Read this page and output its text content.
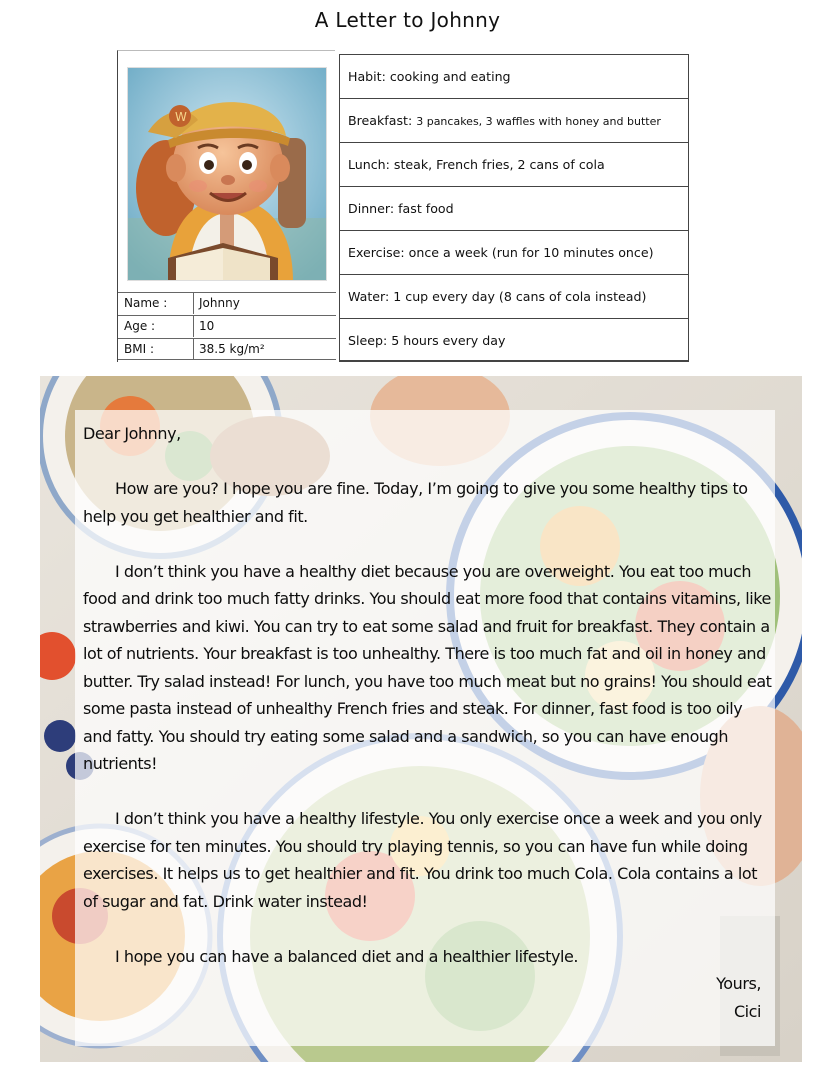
A Letter to Johnny
W
Name :	Johnny
Age :	10
BMI :	38.5 kg/m²
Habit: cooking and eating
Breakfast: 3 pancakes, 3 waffles with honey and butter
Lunch: steak, French fries, 2 cans of cola
Dinner: fast food
Exercise: once a week (run for 10 minutes once)
Water: 1 cup every day (8 cans of cola instead)
Sleep: 5 hours every day

Dear Johnny,

How are you? I hope you are fine. Today, I’m going to give you some healthy tips to help you get healthier and fit.

I don’t think you have a healthy diet because you are overweight. You eat too much food and drink too much fatty drinks. You should eat more food that contains vitamins, like strawberries and kiwi. You can try to eat some salad and fruit for breakfast. They contain a lot of nutrients. Your breakfast is too unhealthy. There is too much fat and oil in honey and butter. Try salad instead! For lunch, you have too much meat but no grains! You should eat some pasta instead of unhealthy French fries and steak. For dinner, fast food is too oily and fatty. You should try eating some salad and a sandwich, so you can have enough nutrients!

I don’t think you have a healthy lifestyle. You only exercise once a week and you only exercise for ten minutes. You should try playing tennis, so you can have fun while doing exercises. It helps us to get healthier and fit. You drink too much Cola. Cola contains a lot of sugar and fat. Drink water instead!

I hope you can have a balanced diet and a healthier lifestyle.

Yours,

Cici
